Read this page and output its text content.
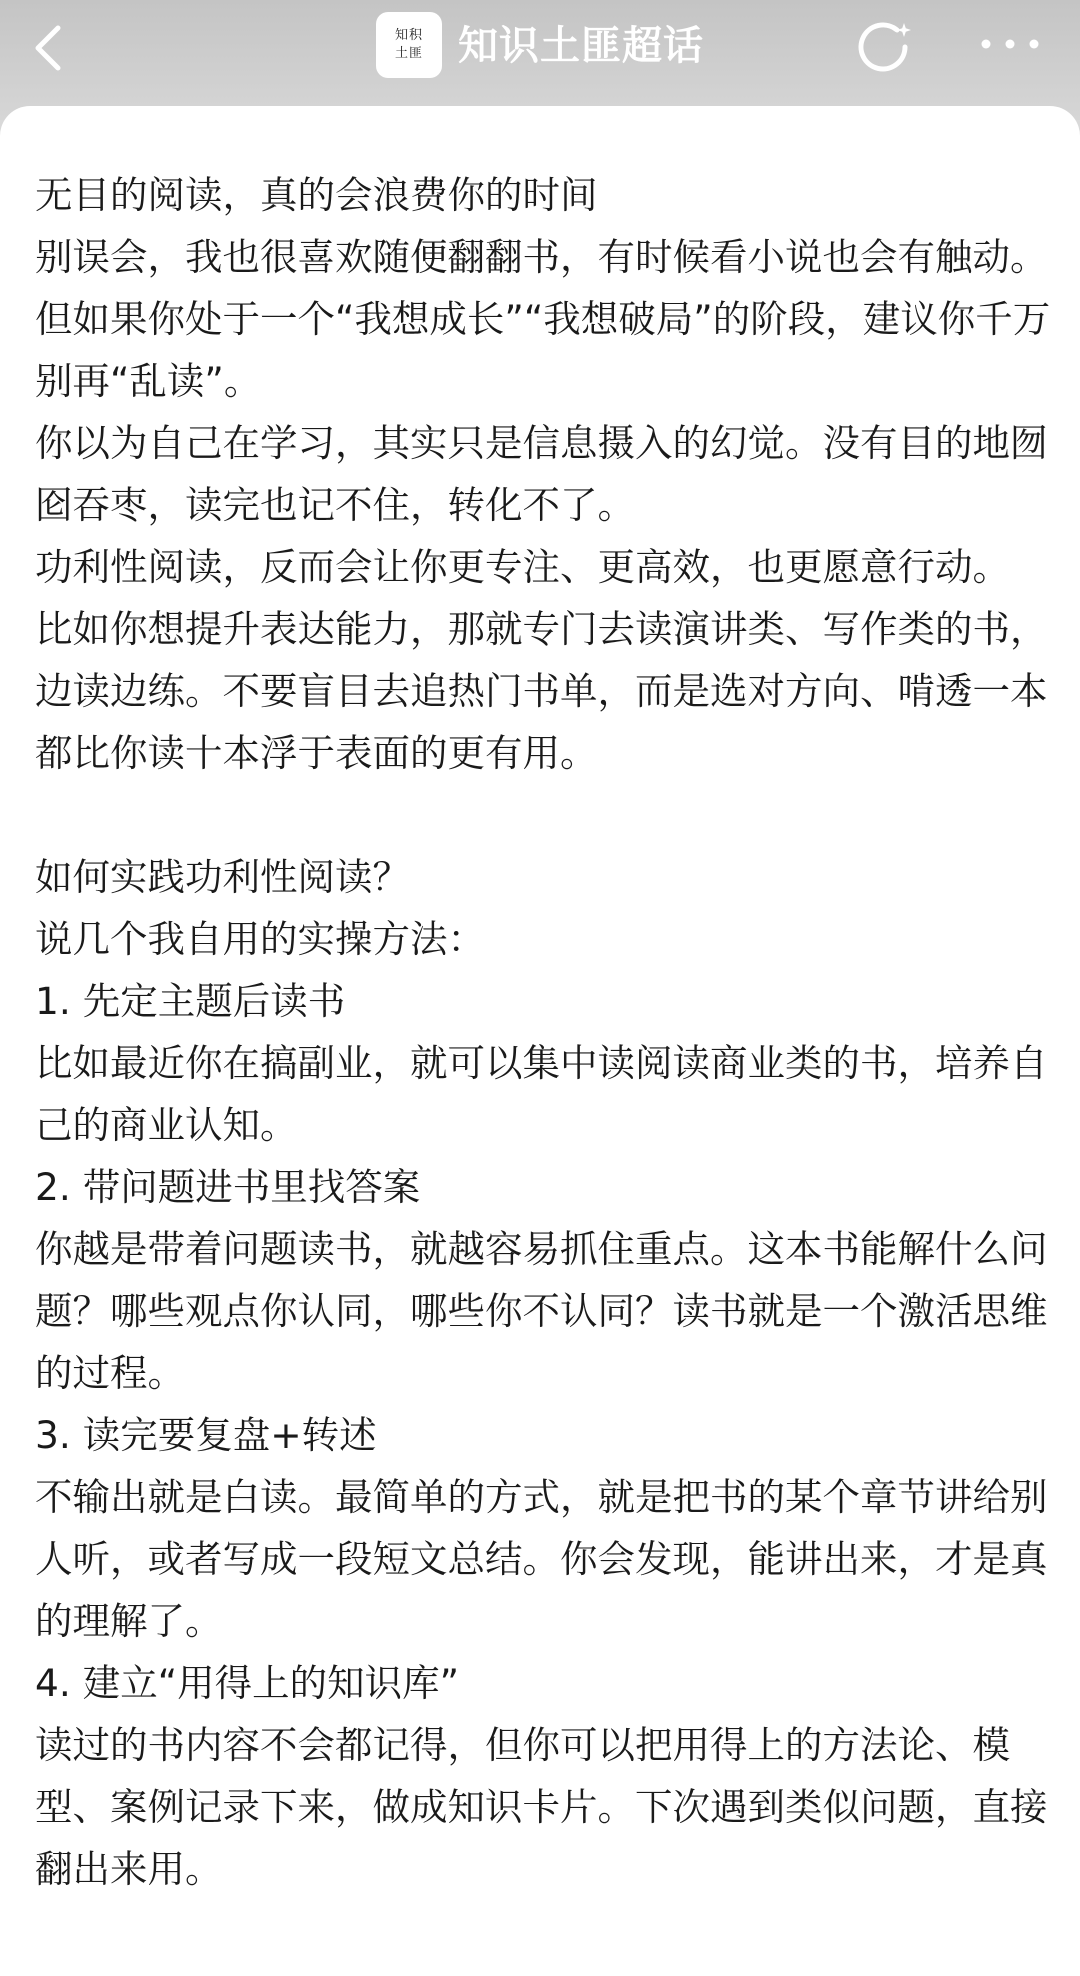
知积
土匪 知识土匪超话

无目的阅读，真的会浪费你的时间
别误会，我也很喜欢随便翻翻书，有时候看小说也会有触动。但如果你处于一个“我想成长”“我想破局”的阶段，建议你千万别再“乱读”。
你以为自己在学习，其实只是信息摄入的幻觉。没有目的地囫囵吞枣，读完也记不住，转化不了。
功利性阅读，反而会让你更专注、更高效，也更愿意行动。
比如你想提升表达能力，那就专门去读演讲类、写作类的书，边读边练。不要盲目去追热门书单，而是选对方向、啃透一本都比你读十本浮于表面的更有用。

如何实践功利性阅读？
说几个我自用的实操方法：
1. 先定主题后读书
比如最近你在搞副业，就可以集中读阅读商业类的书，培养自己的商业认知。
2. 带问题进书里找答案
你越是带着问题读书，就越容易抓住重点。这本书能解什么问题？哪些观点你认同，哪些你不认同？读书就是一个激活思维的过程。
3. 读完要复盘+转述
不输出就是白读。最简单的方式，就是把书的某个章节讲给别人听，或者写成一段短文总结。你会发现，能讲出来，才是真的理解了。
4. 建立“用得上的知识库”
读过的书内容不会都记得，但你可以把用得上的方法论、模型、案例记录下来，做成知识卡片。下次遇到类似问题，直接翻出来用。
